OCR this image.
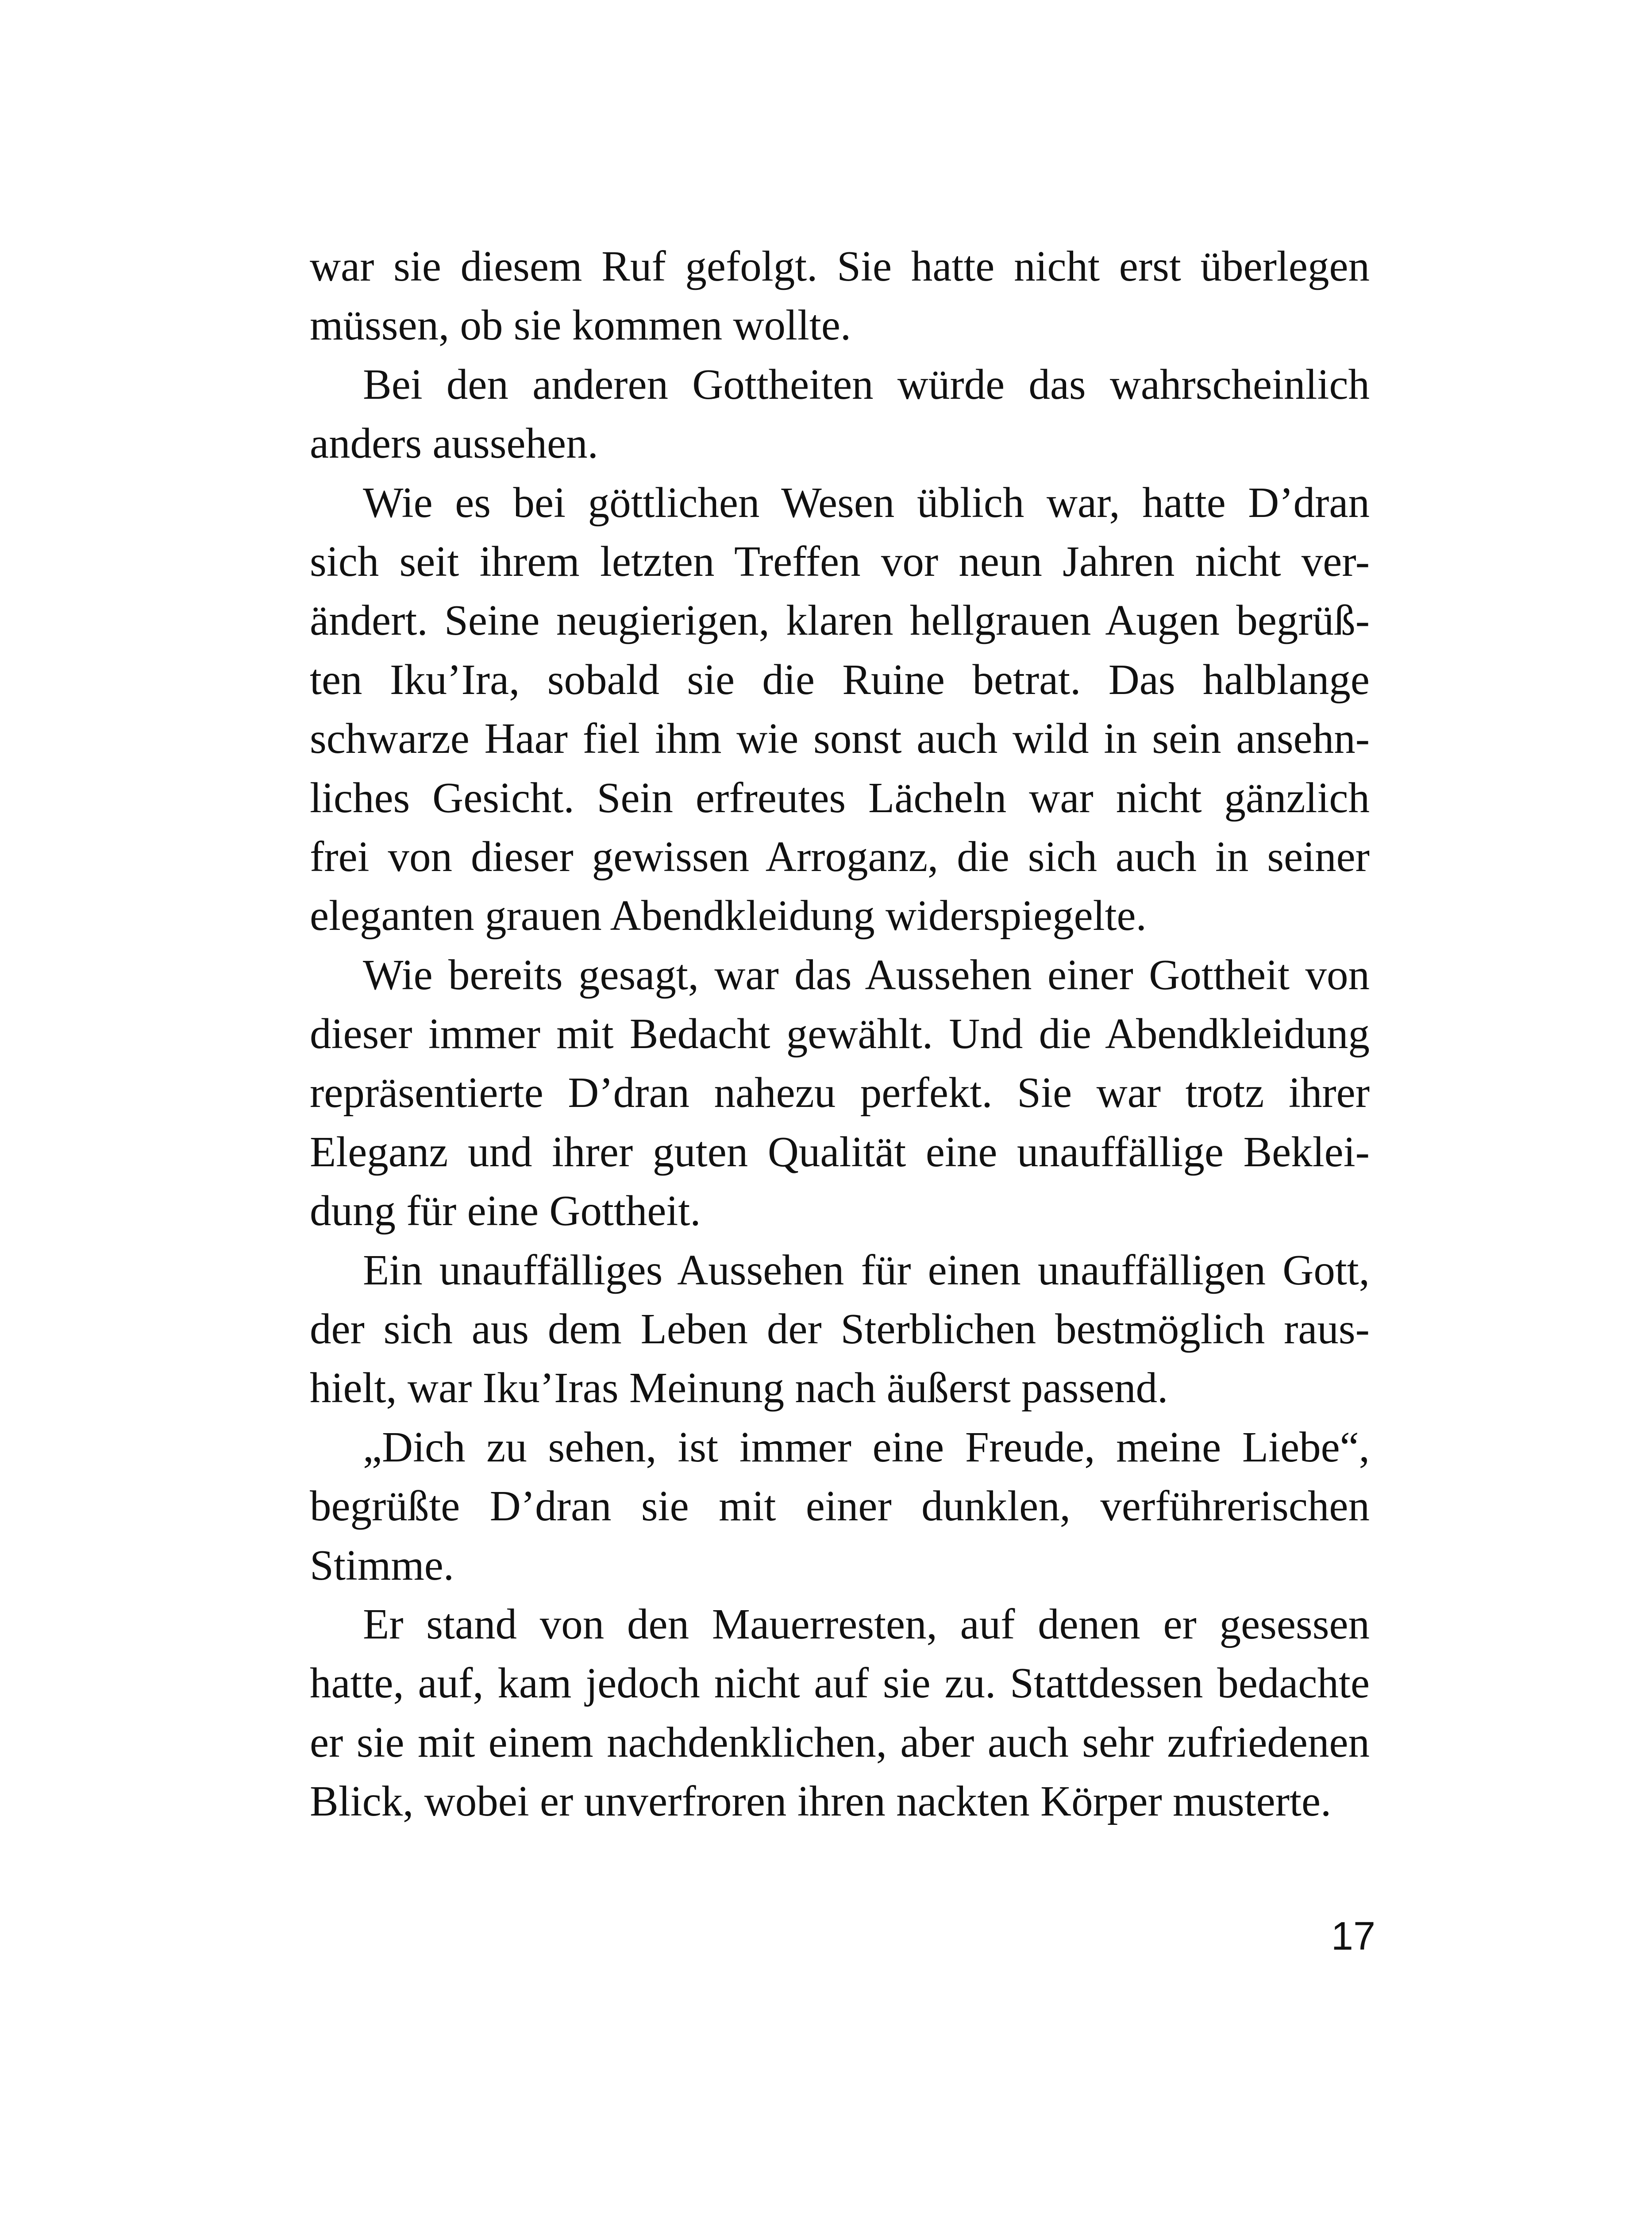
war sie diesem Ruf gefolgt. Sie hatte nicht erst überlegen
müssen, ob sie kommen wollte.
Bei den anderen Gottheiten würde das wahrscheinlich
anders aussehen.
Wie es bei göttlichen Wesen üblich war, hatte D’dran
sich seit ihrem letzten Treffen vor neun Jahren nicht ver-
ändert. Seine neugierigen, klaren hellgrauen Augen begrüß-
ten Iku’Ira, sobald sie die Ruine betrat. Das halblange
schwarze Haar fiel ihm wie sonst auch wild in sein ansehn-
liches Gesicht. Sein erfreutes Lächeln war nicht gänzlich
frei von dieser gewissen Arroganz, die sich auch in seiner
eleganten grauen Abendkleidung widerspiegelte.
Wie bereits gesagt, war das Aussehen einer Gottheit von
dieser immer mit Bedacht gewählt. Und die Abendkleidung
repräsentierte D’dran nahezu perfekt. Sie war trotz ihrer
Eleganz und ihrer guten Qualität eine unauffällige Beklei-
dung für eine Gottheit.
Ein unauffälliges Aussehen für einen unauffälligen Gott,
der sich aus dem Leben der Sterblichen bestmöglich raus-
hielt, war Iku’Iras Meinung nach äußerst passend.
„Dich zu sehen, ist immer eine Freude, meine Liebe“,
begrüßte D’dran sie mit einer dunklen, verführerischen
Stimme.
Er stand von den Mauerresten, auf denen er gesessen
hatte, auf, kam jedoch nicht auf sie zu. Stattdessen bedachte
er sie mit einem nachdenklichen, aber auch sehr zufriedenen
Blick, wobei er unverfroren ihren nackten Körper musterte.
17
